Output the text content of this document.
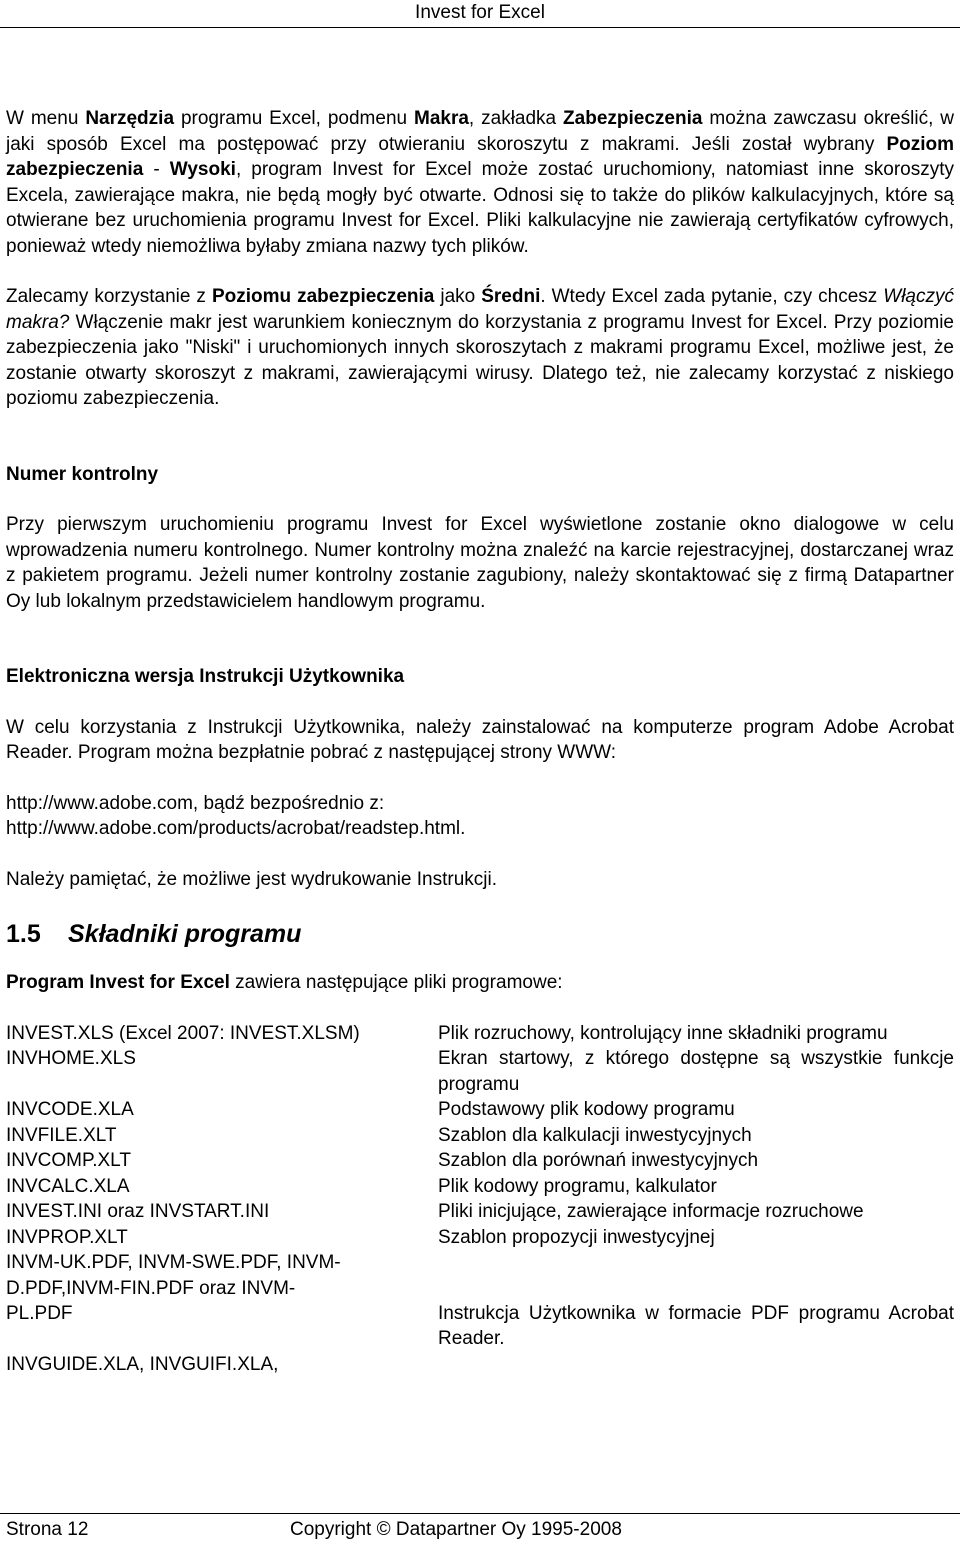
Invest for Excel

W menu Narzędzia programu Excel, podmenu Makra, zakładka Zabezpieczenia można zawczasu określić, w jaki sposób Excel ma postępować przy otwieraniu skoroszytu z makrami. Jeśli został wybrany Poziom zabezpieczenia - Wysoki, program Invest for Excel może zostać uruchomiony, natomiast inne skoroszyty Excela, zawierające makra, nie będą mogły być otwarte. Odnosi się to także do plików kalkulacyjnych, które są otwierane bez uruchomienia programu Invest for Excel. Pliki kalkulacyjne nie zawierają certyfikatów cyfrowych, ponieważ wtedy niemożliwa byłaby zmiana nazwy tych plików.

Zalecamy korzystanie z Poziomu zabezpieczenia jako Średni. Wtedy Excel zada pytanie, czy chcesz Włączyć makra? Włączenie makr jest warunkiem koniecznym do korzystania z programu Invest for Excel. Przy poziomie zabezpieczenia jako "Niski" i uruchomionych innych skoroszytach z makrami programu Excel, możliwe jest, że zostanie otwarty skoroszyt z makrami, zawierającymi wirusy. Dlatego też, nie zalecamy korzystać z niskiego poziomu zabezpieczenia.

Numer kontrolny

Przy pierwszym uruchomieniu programu Invest for Excel wyświetlone zostanie okno dialogowe w celu wprowadzenia numeru kontrolnego. Numer kontrolny można znaleźć na karcie rejestracyjnej, dostarczanej wraz z pakietem programu. Jeżeli numer kontrolny zostanie zagubiony, należy skontaktować się z firmą Datapartner Oy lub lokalnym przedstawicielem handlowym programu.

Elektroniczna wersja Instrukcji Użytkownika

W celu korzystania z Instrukcji Użytkownika, należy zainstalować na komputerze program Adobe Acrobat Reader. Program można bezpłatnie pobrać z następującej strony WWW:

http://www.adobe.com, bądź bezpośrednio z:

http://www.adobe.com/products/acrobat/readstep.html.

Należy pamiętać, że możliwe jest wydrukowanie Instrukcji.

1.5 Składniki programu

Program Invest for Excel zawiera następujące pliki programowe:

INVEST.XLS (Excel 2007: INVEST.XLSM)	Plik rozruchowy, kontrolujący inne składniki programu
INVHOME.XLS	Ekran startowy, z którego dostępne są wszystkie funkcje programu
INVCODE.XLA	Podstawowy plik kodowy programu
INVFILE.XLT	Szablon dla kalkulacji inwestycyjnych
INVCOMP.XLT	Szablon dla porównań inwestycyjnych
INVCALC.XLA	Plik kodowy programu, kalkulator
INVEST.INI oraz INVSTART.INI	Pliki inicjujące, zawierające informacje rozruchowe
INVPROP.XLT	Szablon propozycji inwestycyjnej
INVM-UK.PDF, INVM-SWE.PDF, INVM-D.PDF,INVM-FIN.PDF oraz INVM-PL.PDF	Instrukcja Użytkownika w formacie PDF programu Acrobat Reader.
INVGUIDE.XLA, INVGUIFI.XLA,
Strona 12	Copyright © Datapartner Oy 1995-2008
